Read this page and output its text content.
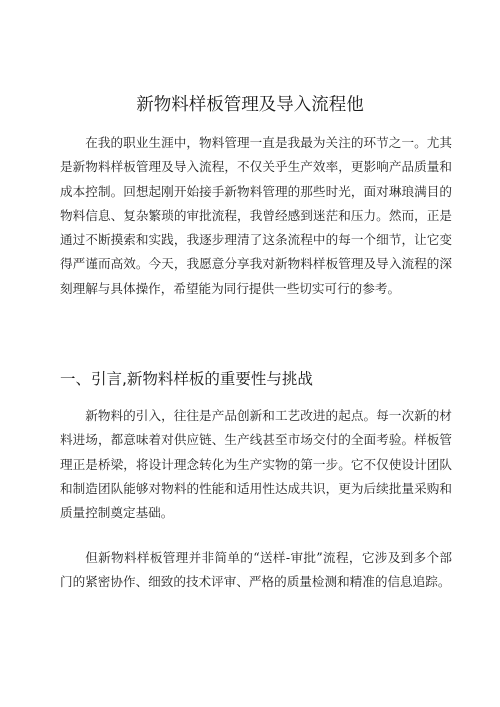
新物料样板管理及导入流程他

在我的职业生涯中，物料管理一直是我最为关注的环节之一。尤其是新物料样板管理及导入流程，不仅关乎生产效率，更影响产品质量和成本控制。回想起刚开始接手新物料管理的那些时光，面对琳琅满目的物料信息、复杂繁琐的审批流程，我曾经感到迷茫和压力。然而，正是通过不断摸索和实践，我逐步理清了这条流程中的每一个细节，让它变得严谨而高效。今天，我愿意分享我对新物料样板管理及导入流程的深刻理解与具体操作，希望能为同行提供一些切实可行的参考。

一、引言,新物料样板的重要性与挑战

新物料的引入，往往是产品创新和工艺改进的起点。每一次新的材料进场，都意味着对供应链、生产线甚至市场交付的全面考验。样板管理正是桥梁，将设计理念转化为生产实物的第一步。它不仅使设计团队和制造团队能够对物料的性能和适用性达成共识，更为后续批量采购和质量控制奠定基础。

但新物料样板管理并非简单的“送样-审批”流程，它涉及到多个部门的紧密协作、细致的技术评审、严格的质量检测和精准的信息追踪。
